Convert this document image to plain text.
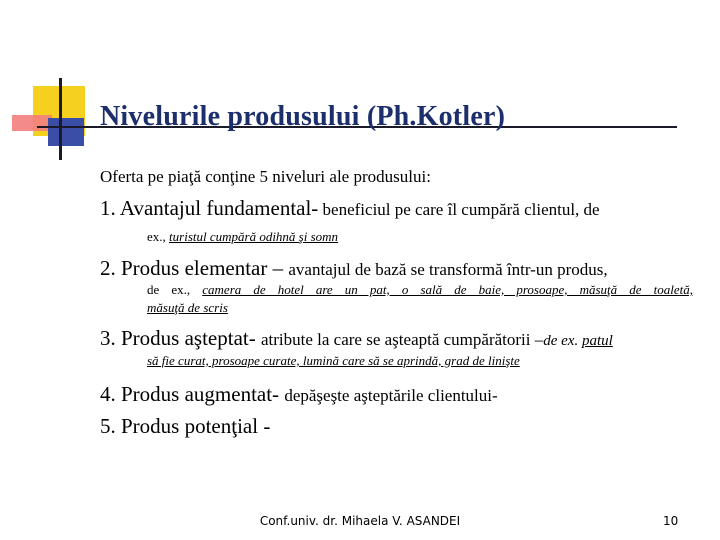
Nivelurile produsului (Ph.Kotler)
Oferta pe piaţă conţine 5 niveluri ale produsului:
1. Avantajul fundamental- beneficiul pe care îl cumpără clientul, de
ex., turistul cumpără odihnă şi somn
2. Produs elementar – avantajul de bază se transformă într-un produs,
de ex., camera de hotel are un pat, o sală de baie, prosoape, măsuţă de toaletă,
măsuţă de scris
3. Produs aşteptat- atribute la care se aşteaptă cumpărătorii –de ex. patul
să fie curat, prosoape curate, lumină care să se aprindă, grad de linişte
4. Produs augmentat- depăşeşte aşteptările clientului-
5. Produs potenţial -
Conf.univ. dr. Mihaela V. ASANDEI	10
